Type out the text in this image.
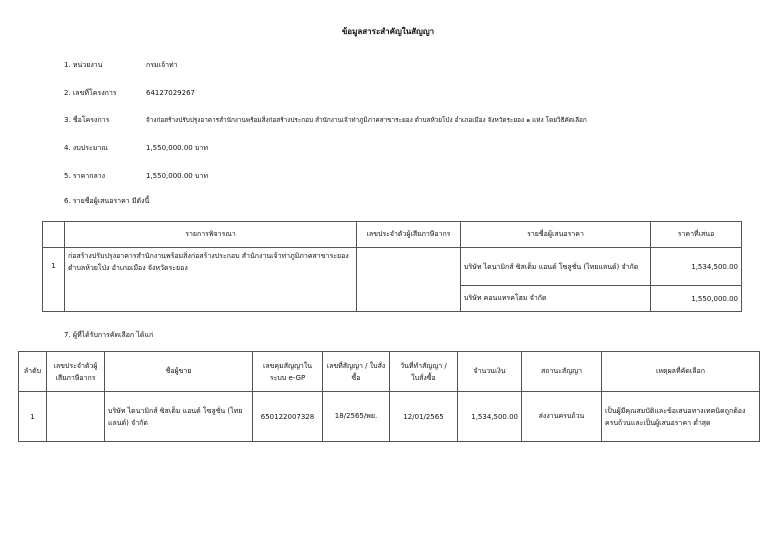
ข้อมูลสาระสำคัญในสัญญา
1. หน่วยงาน	กรมเจ้าท่า
2. เลขที่โครงการ	64127029267
3. ชื่อโครงการ	จ้างก่อสร้างปรับปรุงอาคารสำนักงานพร้อมสิ่งก่อสร้างประกอบ สำนักงานเจ้าท่าภูมิภาคสาขาระยอง ตำบลห้วยโป่ง อำเภอเมือง จังหวัดระยอง ๑ แห่ง โดยวิธีคัดเลือก
4. งบประมาณ	1,550,000.00 บาท
5. ราคากลาง	1,550,000.00 บาท
6. รายชื่อผู้เสนอราคา มีดังนี้
	รายการพิจารณา	เลขประจำตัวผู้เสียภาษีอากร	รายชื่อผู้เสนอราคา	ราคาที่เสนอ
1	ก่อสร้างปรับปรุงอาคารสำนักงานพร้อมสิ่งก่อสร้างประกอบ สำนักงานเจ้าท่าภูมิภาคสาขาระยอง ตำบลห้วยโป่ง อำเภอเมือง จังหวัดระยอง		บริษัท ไดนามิกส์ ซิสเต็ม แอนด์ โซลูชั่น (ไทยแลนด์) จำกัด	1,534,500.00
			บริษัท คอนแทรคโฮม จำกัด	1,550,000.00
7. ผู้ที่ได้รับการคัดเลือก ได้แก่
ลำดับ	เลขประจำตัวผู้เสียภาษีอากร	ชื่อผู้ขาย	เลขคุมสัญญาในระบบ e-GP	เลขที่สัญญา / ใบสั่งซื้อ	วันที่ทำสัญญา / ใบสั่งซื้อ	จำนวนเงิน	สถานะสัญญา	เหตุผลที่คัดเลือก
1		บริษัท ไดนามิกส์ ซิสเต็ม แอนด์ โซลูชั่น (ไทยแลนด์) จำกัด	650122007328	18/2565/พย.	12/01/2565	1,534,500.00	ส่งงานครบถ้วน	เป็นผู้มีคุณสมบัติและข้อเสนอทางเทคนิคถูกต้องครบถ้วนและเป็นผู้เสนอราคา ต่ำสุด
